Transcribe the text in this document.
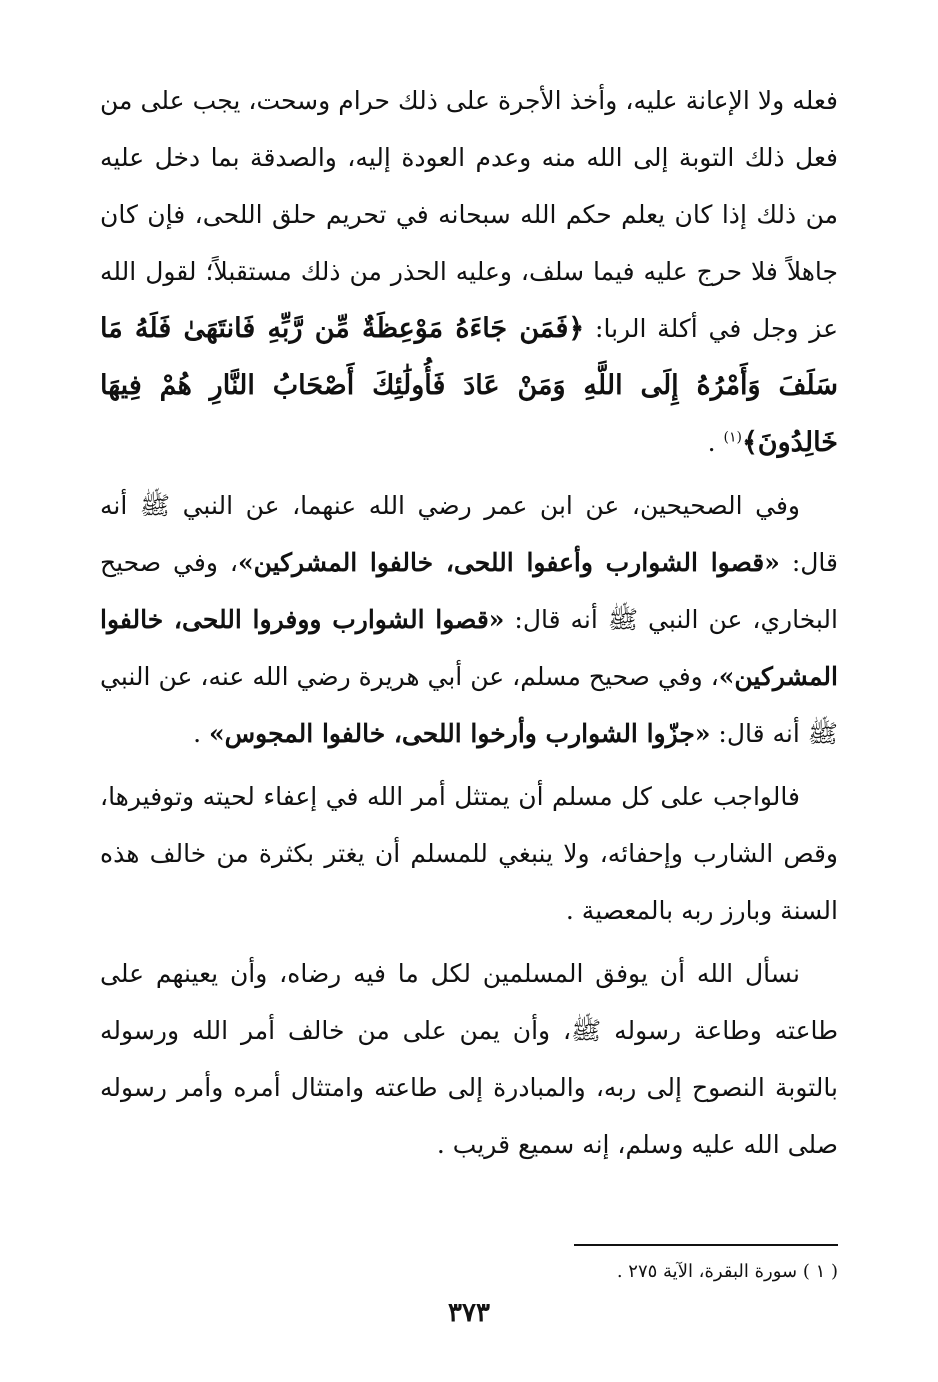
فعله ولا الإعانة عليه، وأخذ الأجرة على ذلك حرام وسحت، يجب على من فعل ذلك التوبة إلى الله منه وعدم العودة إليه، والصدقة بما دخل عليه من ذلك إذا كان يعلم حكم الله سبحانه في تحريم حلق اللحى، فإن كان جاهلاً فلا حرج عليه فيما سلف، وعليه الحذر من ذلك مستقبلاً؛ لقول الله عز وجل في أكلة الربا: ﴿فَمَن جَاءَهُ مَوْعِظَةٌ مِّن رَّبِّهِ فَانتَهَىٰ فَلَهُ مَا سَلَفَ وَأَمْرُهُ إِلَى اللَّهِ وَمَنْ عَادَ فَأُولَٰئِكَ أَصْحَابُ النَّارِ هُمْ فِيهَا خَالِدُونَ﴾$^{(١)}$ .

وفي الصحيحين، عن ابن عمر رضي الله عنهما، عن النبي ﷺ أنه قال: «قصوا الشوارب وأعفوا اللحى، خالفوا المشركين»، وفي صحيح البخاري، عن النبي ﷺ أنه قال: «قصوا الشوارب ووفروا اللحى، خالفوا المشركين»، وفي صحيح مسلم، عن أبي هريرة رضي الله عنه، عن النبي ﷺ أنه قال: «جزّوا الشوارب وأرخوا اللحى، خالفوا المجوس» .

فالواجب على كل مسلم أن يمتثل أمر الله في إعفاء لحيته وتوفيرها، وقص الشارب وإحفائه، ولا ينبغي للمسلم أن يغتر بكثرة من خالف هذه السنة وبارز ربه بالمعصية .

نسأل الله أن يوفق المسلمين لكل ما فيه رضاه، وأن يعينهم على طاعته وطاعة رسوله ﷺ، وأن يمن على من خالف أمر الله ورسوله بالتوبة النصوح إلى ربه، والمبادرة إلى طاعته وامتثال أمره وأمر رسوله صلى الله عليه وسلم، إنه سميع قريب .

( ١ ) سورة البقرة، الآية ٢٧٥ .
٣٧٣
